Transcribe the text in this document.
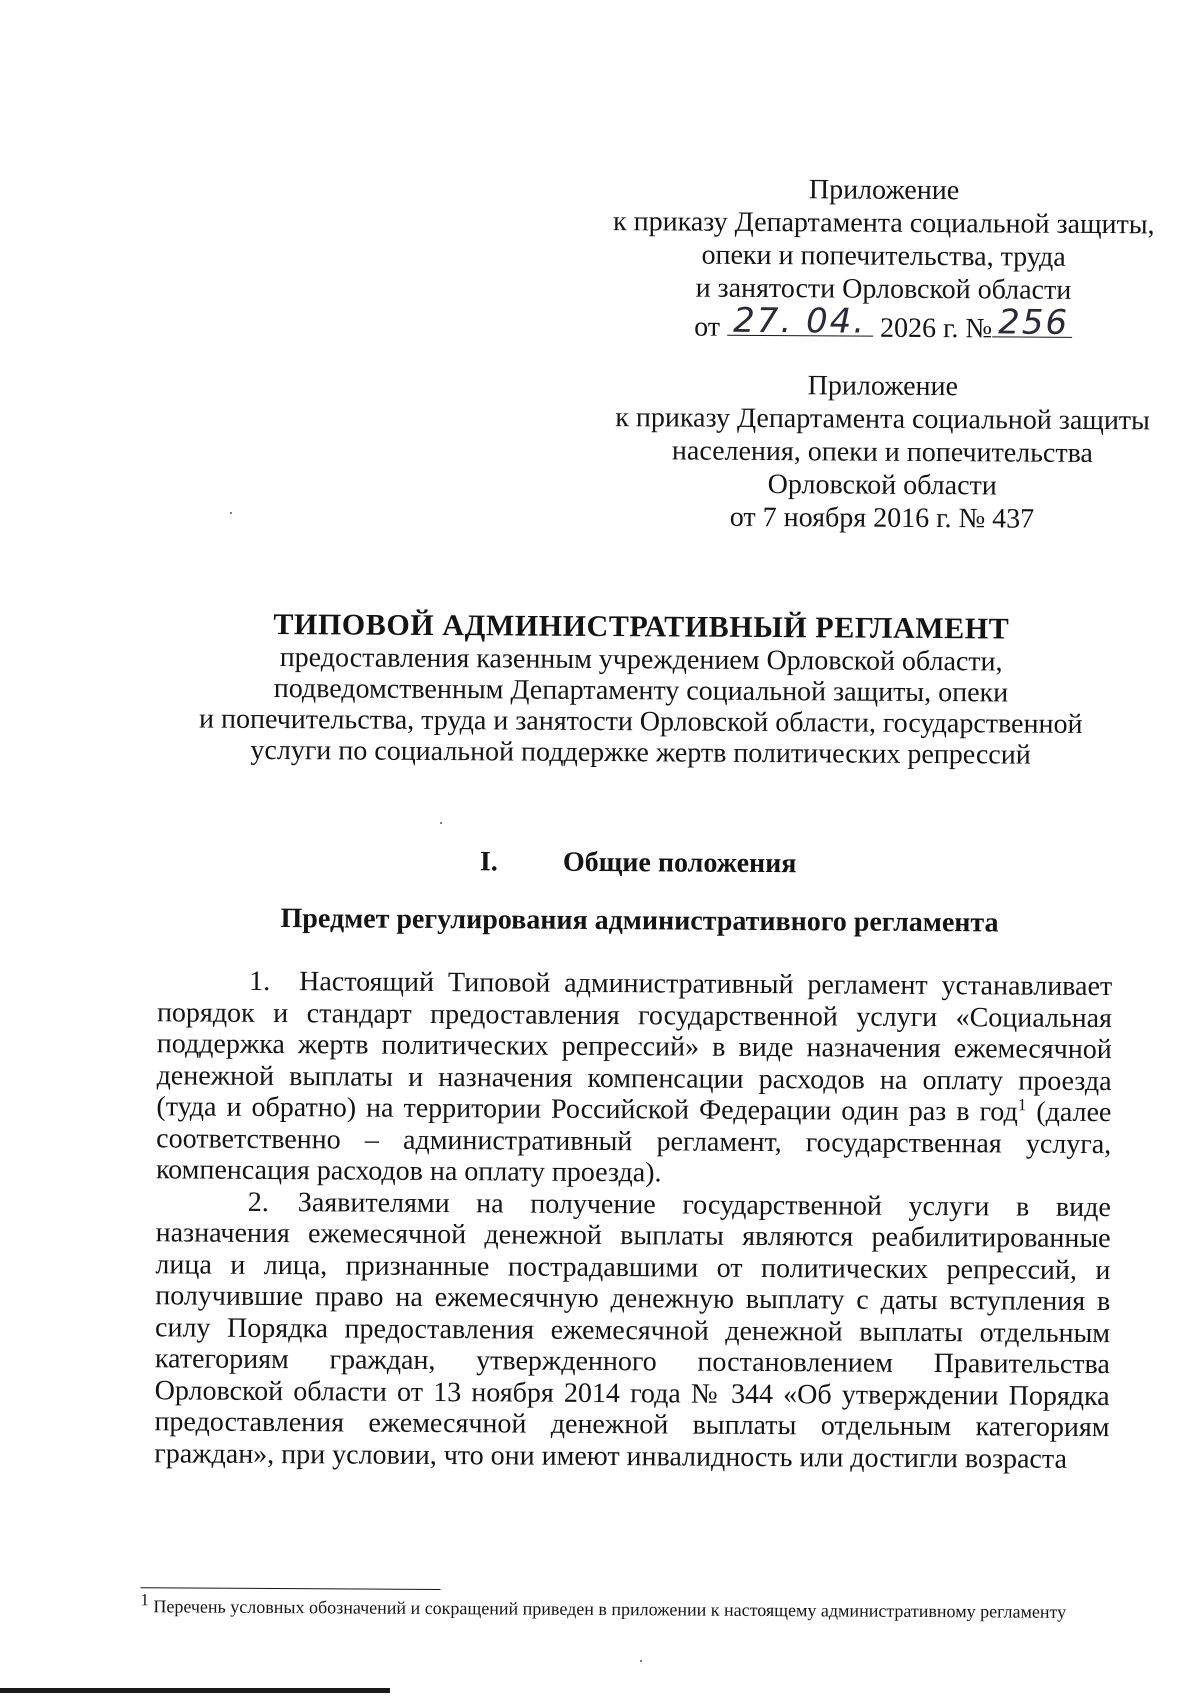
Приложение
к приказу Департамента социальной защиты,
опеки и попечительства, труда
и занятости Орловской области
от 27. 04. 2026 г. № 256
Приложение
к приказу Департамента социальной защиты
населения, опеки и попечительства
Орловской области
от 7 ноября 2016 г. № 437
ТИПОВОЙ АДМИНИСТРАТИВНЫЙ РЕГЛАМЕНТ
предоставления казенным учреждением Орловской области,
подведомственным Департаменту социальной защиты, опеки
и попечительства, труда и занятости Орловской области, государственной
услуги по социальной поддержке жертв политических репрессий
I. Общие положения
Предмет регулирования административного регламента

1. Настоящий Типовой административный регламент устанавливает порядок и стандарт предоставления государственной услуги «Социальная поддержка жертв политических репрессий» в виде назначения ежемесячной денежной выплаты и назначения компенсации расходов на оплату проезда (туда и обратно) на территории Российской Федерации один раз в год$^1$ (далее соответственно – административный регламент, государственная услуга, компенсация расходов на оплату проезда).

2. Заявителями на получение государственной услуги в виде назначения ежемесячной денежной выплаты являются реабилитированные лица и лица, признанные пострадавшими от политических репрессий, и получившие право на ежемесячную денежную выплату с даты вступления в силу Порядка предоставления ежемесячной денежной выплаты отдельным категориям граждан, утвержденного постановлением Правительства Орловской области от 13 ноября 2014 года № 344 «Об утверждении Порядка предоставления ежемесячной денежной выплаты отдельным категориям граждан», при условии, что они имеют инвалидность или достигли возраста

$^1$ Перечень условных обозначений и сокращений приведен в приложении к настоящему административному регламенту
